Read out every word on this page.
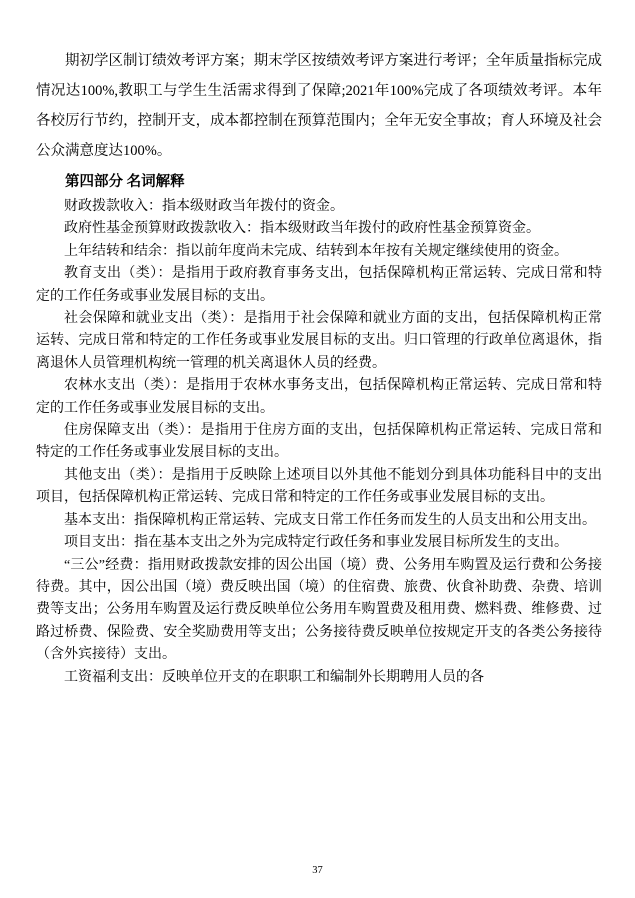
期初学区制订绩效考评方案；期末学区按绩效考评方案进行考评；全年质量指标完成情况达100%,教职工与学生生活需求得到了保障;2021年100%完成了各项绩效考评。本年各校厉行节约，控制开支，成本都控制在预算范围内；全年无安全事故；育人环境及社会公众满意度达100%。

第四部分 名词解释

财政拨款收入：指本级财政当年拨付的资金。

政府性基金预算财政拨款收入：指本级财政当年拨付的政府性基金预算资金。

上年结转和结余：指以前年度尚未完成、结转到本年按有关规定继续使用的资金。

教育支出（类）：是指用于政府教育事务支出，包括保障机构正常运转、完成日常和特定的工作任务或事业发展目标的支出。

社会保障和就业支出（类）：是指用于社会保障和就业方面的支出，包括保障机构正常运转、完成日常和特定的工作任务或事业发展目标的支出。归口管理的行政单位离退休，指离退休人员管理机构统一管理的机关离退休人员的经费。

农林水支出（类）：是指用于农林水事务支出，包括保障机构正常运转、完成日常和特定的工作任务或事业发展目标的支出。

住房保障支出（类）：是指用于住房方面的支出，包括保障机构正常运转、完成日常和特定的工作任务或事业发展目标的支出。

其他支出（类）：是指用于反映除上述项目以外其他不能划分到具体功能科目中的支出项目，包括保障机构正常运转、完成日常和特定的工作任务或事业发展目标的支出。

基本支出：指保障机构正常运转、完成支日常工作任务而发生的人员支出和公用支出。

项目支出：指在基本支出之外为完成特定行政任务和事业发展目标所发生的支出。

“三公”经费：指用财政拨款安排的因公出国（境）费、公务用车购置及运行费和公务接待费。其中，因公出国（境）费反映出国（境）的住宿费、旅费、伙食补助费、杂费、培训费等支出；公务用车购置及运行费反映单位公务用车购置费及租用费、燃料费、维修费、过路过桥费、保险费、安全奖励费用等支出；公务接待费反映单位按规定开支的各类公务接待（含外宾接待）支出。

工资福利支出：反映单位开支的在职职工和编制外长期聘用人员的各

37
